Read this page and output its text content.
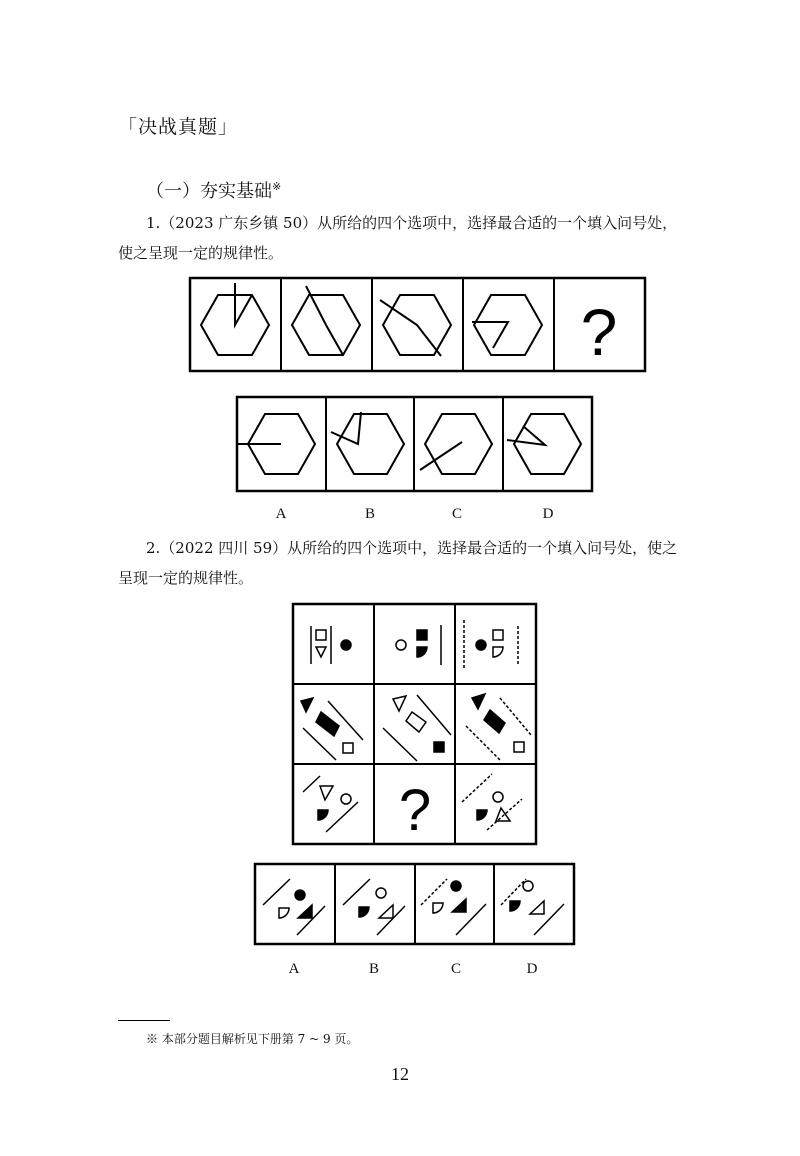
「决战真题」
（一）夯实基础※
1.（2023 广东乡镇 50）从所给的四个选项中，选择最合适的一个填入问号处，
使之呈现一定的规律性。
?
A	B	C	D
2.（2022 四川 59）从所给的四个选项中，选择最合适的一个填入问号处，使之
呈现一定的规律性。
?
A	B	C	D
※ 本部分题目解析见下册第 7 ~ 9 页。
12
